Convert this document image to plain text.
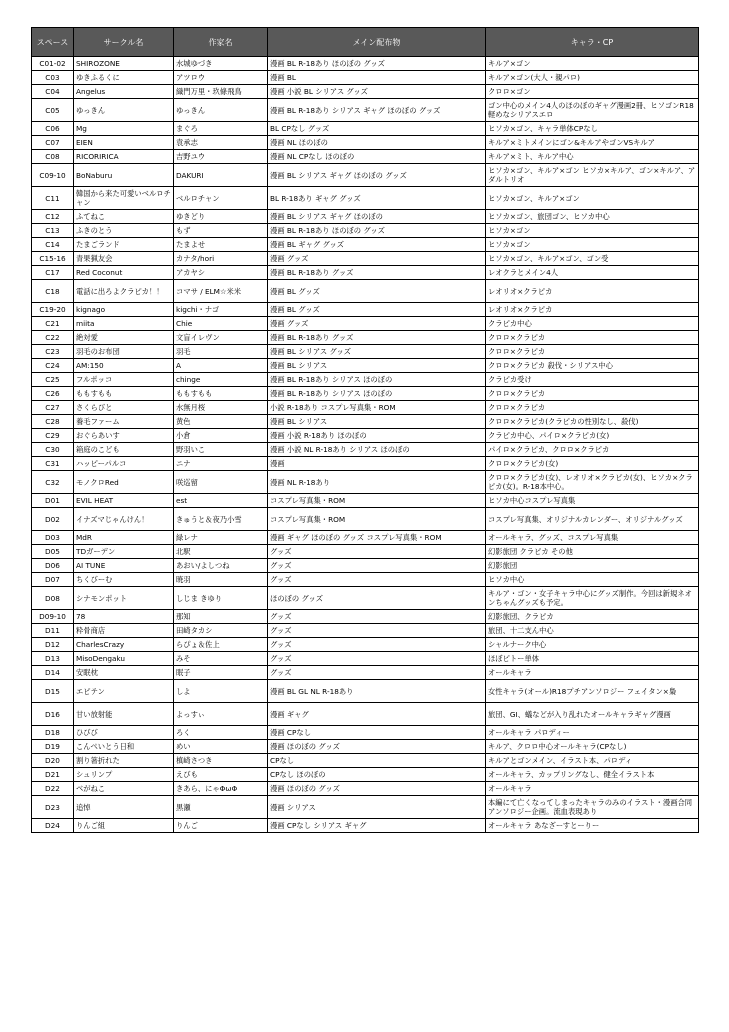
スペース	サークル名	作家名	メイン配布物	キャラ・CP
C01-02	SHIROZONE	水城ゆづき	漫画 BL R-18あり ほのぼの グッズ	キルア×ゴン
C03	ゆきふるくに	アツロウ	漫画 BL	キルア×ゴン(大人・親パロ)
C04	Angelus	織門万里・玖條飛鳥	漫画 小説 BL シリアス グッズ	クロロ×ゴン
C05	ゆっきん	ゆっきん	漫画 BL R-18あり シリアス ギャグ ほのぼの グッズ	ゴン中心のメイン4人のほのぼのギャグ漫画2冊、ヒソゴンR18軽めなシリアスエロ
C06	Mg	まぐろ	BL CPなし グッズ	ヒソカ×ゴン、キャラ単体CPなし
C07	EIEN	袁承志	漫画 NL ほのぼの	キルア×ミトメインにゴン&キルアやゴンVSキルア
C08	RICORIRICA	吉野ユウ	漫画 NL CPなし ほのぼの	キルア×ミト、キルア中心
C09-10	BoNaburu	DAKURI	漫画 BL シリアス ギャグ ほのぼの グッズ	ヒソカ×ゴン、キルア×ゴン ヒソカ×キルア、ゴン×キルア、アダルトリオ
C11	韓国から来た可愛いベルロチャン	ベルロチャン	BL R-18あり ギャグ グッズ	ヒソカ×ゴン、キルア×ゴン
C12	ふてねこ	ゆきどり	漫画 BL シリアス ギャグ ほのぼの	ヒソカ×ゴン、旅団ゴン、ヒソカ中心
C13	ふきのとう	もず	漫画 BL R-18あり ほのぼの グッズ	ヒソカ×ゴン
C14	たまごランド	たまよせ	漫画 BL ギャグ グッズ	ヒソカ×ゴン
C15-16	青果猟友会	カナタ/hori	漫画 グッズ	ヒソカ×ゴン、キルア×ゴン、ゴン受
C17	Red Coconut	アカヤシ	漫画 BL R-18あり グッズ	レオクラとメイン4人
C18	電話に出ろよクラピカ！！	コマサ / ELM☆米米	漫画 BL グッズ	レオリオ×クラピカ
C19-20	kignago	kigchi・ナゴ	漫画 BL グッズ	レオリオ×クラピカ
C21	miita	Chie	漫画 グッズ	クラピカ中心
C22	絶対愛	文盲イレヴン	漫画 BL R-18あり グッズ	クロロ×クラピカ
C23	羽毛のお布団	羽毛	漫画 BL シリアス グッズ	クロロ×クラピカ
C24	AM:150	A	漫画 BL シリアス	クロロ×クラピカ 殺伐・シリアス中心
C25	フルポッコ	chinge	漫画 BL R-18あり シリアス ほのぼの	クラピカ受け
C26	ももすもも	ももすもも	漫画 BL R-18あり シリアス ほのぼの	クロロ×クラピカ
C27	さくらびと	水無月桜	小説 R-18あり コスプレ写真集・ROM	クロロ×クラピカ
C28	養毛ファーム	黄色	漫画 BL シリアス	クロロ×クラピカ(クラピカの性別なし、殺伐)
C29	おぐらあいす	小倉	漫画 小説 R-18あり ほのぼの	クラピカ中心、パイロ×クラピカ(女)
C30	箱庭のこども	野羽いこ	漫画 小説 NL R-18あり シリアス ほのぼの	パイロ×クラピカ、クロロ×クラピカ
C31	ハッピーパルコ	ニナ	漫画	クロロ×クラピカ(女)
C32	モノクロRed	咲巡留	漫画 NL R-18あり	クロロ×クラピカ(女)、レオリオ×クラピカ(女)、ヒソカ×クラピカ(女)。R-18本中心。
D01	EVIL HEAT	est	コスプレ写真集・ROM	ヒソカ中心コスプレ写真集
D02	イナズマじゃんけん！	きゅうと＆夜乃小雪	コスプレ写真集・ROM	コスプレ写真集、オリジナルカレンダー、オリジナルグッズ
D03	MdR	緑レナ	漫画 ギャグ ほのぼの グッズ コスプレ写真集・ROM	オールキャラ、グッズ、コスプレ写真集
D05	TDガーデン	北駅	グッズ	幻影旅団 クラピカ その他
D06	AI TUNE	あおい/よしつね	グッズ	幻影旅団
D07	ちくびーむ	暁羽	グッズ	ヒソカ中心
D08	シナモンポット	しじま きゆり	ほのぼの グッズ	キルア・ゴン・女子キャラ中心にグッズ制作。今回は新規ネオンちゃんグッズも予定。
D09-10	78	那知	グッズ	幻影旅団、クラピカ
D11	粋骨商店	田崎タカシ	グッズ	旅団、十二支ん中心
D12	CharlesCrazy	らぴょ＆佐上	グッズ	シャルナーク中心
D13	MisoDengaku	みそ	グッズ	ほぼピトー単体
D14	安眠枕	眠子	グッズ	オールキャラ
D15	エピテン	しよ	漫画 BL GL NL R-18あり	女性キャラ(オール)R18プチアンソロジー フェイタン×梟
D16	甘い放射能	よっすぃ	漫画 ギャグ	旅団、GI、蟻などが入り乱れたオールキャラギャグ漫画
D18	ひびび	ろく	漫画 CPなし	オールキャラ パロディー
D19	こんぺいとう日和	めい	漫画 ほのぼの グッズ	キルア、クロロ中心オールキャラ(CPなし)
D20	割り箸折れた	槙崎さつき	CPなし	キルアとゴンメイン、イラスト本、パロディ
D21	シュリンプ	えびも	CPなし ほのぼの	オールキャラ、カップリングなし、健全イラスト本
D22	べがねこ	きあら、にゃΦωΦ	漫画 ほのぼの グッズ	オールキャラ
D23	追悼	黒瀬	漫画 シリアス	本編にて亡くなってしまったキャラのみのイラスト・漫画合同アンソロジー企画。流血表現あり
D24	りんご組	りんご	漫画 CPなし シリアス ギャグ	オールキャラ あなざーすとーりー
